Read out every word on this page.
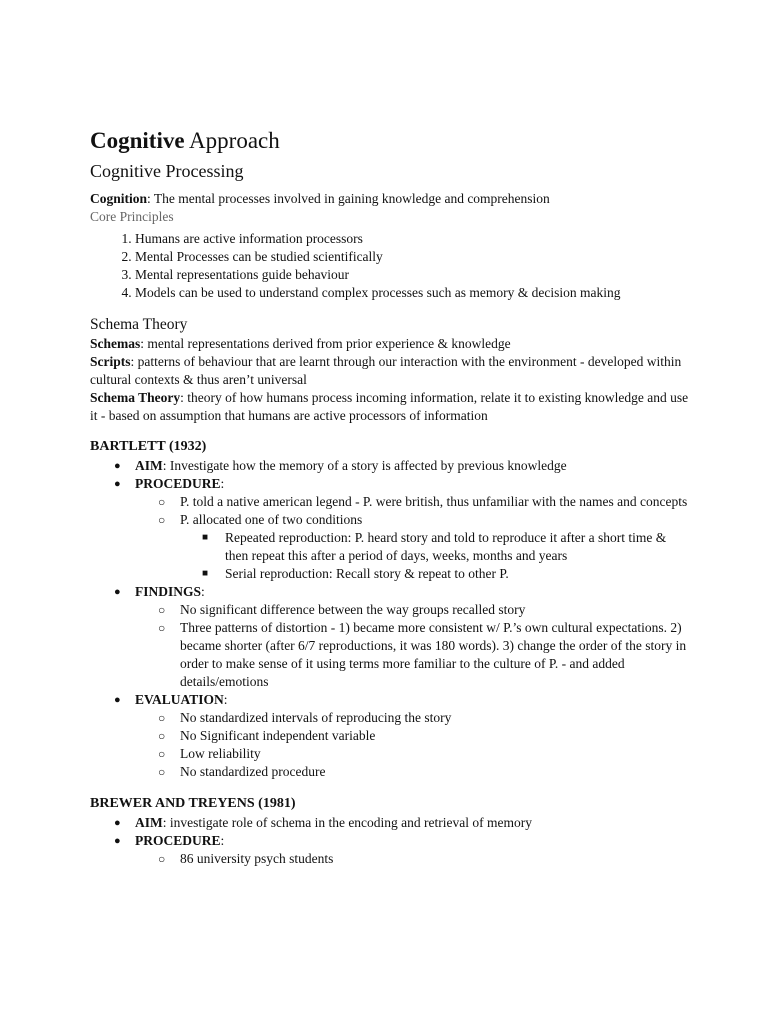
Cognitive Approach
Cognitive Processing

Cognition: The mental processes involved in gaining knowledge and comprehension

Core Principles

1. Humans are active information processors
2. Mental Processes can be studied scientifically
3. Mental representations guide behaviour
4. Models can be used to understand complex processes such as memory & decision making
Schema Theory

Schemas: mental representations derived from prior experience & knowledge

Scripts: patterns of behaviour that are learnt through our interaction with the environment - developed within cultural contexts & thus aren’t universal

Schema Theory: theory of how humans process incoming information, relate it to existing knowledge and use it - based on assumption that humans are active processors of information

BARTLETT (1932)
● AIM: Investigate how the memory of a story is affected by previous knowledge
● PROCEDURE:
○ P. told a native american legend - P. were british, thus unfamiliar with the names and concepts
○ P. allocated one of two conditions
■ Repeated reproduction: P. heard story and told to reproduce it after a short time & then repeat this after a period of days, weeks, months and years
■ Serial reproduction: Recall story & repeat to other P.
● FINDINGS:
○ No significant difference between the way groups recalled story
○ Three patterns of distortion - 1) became more consistent w/ P.’s own cultural expectations. 2) became shorter (after 6/7 reproductions, it was 180 words). 3) change the order of the story in order to make sense of it using terms more familiar to the culture of P. - and added details/emotions
● EVALUATION:
○ No standardized intervals of reproducing the story
○ No Significant independent variable
○ Low reliability
○ No standardized procedure
BREWER AND TREYENS (1981)
● AIM: investigate role of schema in the encoding and retrieval of memory
● PROCEDURE:
○ 86 university psych students
